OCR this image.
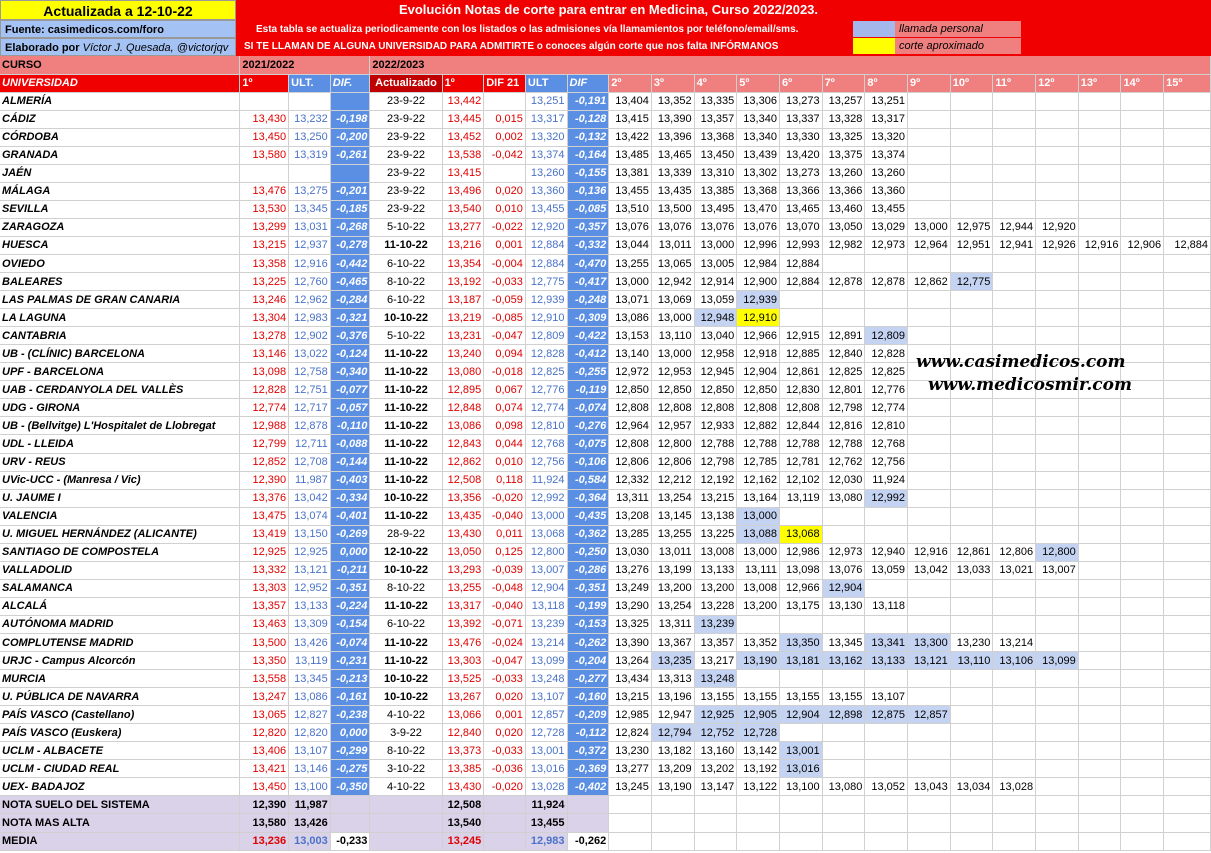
Actualizada a 12-10-22	Evolución Notas de corte para entrar en Medicina, Curso 2022/2023.
Fuente: casimedicos.com/foro
Elaborado por Víctor J. Quesada, @victorjqv
Esta tabla se actualiza periodicamente con los listados o las admisiones vía llamamientos por teléfono/email/sms.
SI TE LLAMAN DE ALGUNA UNIVERSIDAD PARA ADMITIRTE o conoces algún corte que nos falta INFÓRMANOS
llamada personal
corte aproximado
CURSO	2021/2022			2022/2023																		
UNIVERSIDAD	1º	ULT.	DIF.	Actualizado	1º	DIF 21	ULT	DIF	2º	3º	4º	5º	6º	7º	8º	9º	10º	11º	12º	13º	14º	15º
ALMERÍA				23-9-22	13,442		13,251	-0,191	13,404	13,352	13,335	13,306	13,273	13,257	13,251							
CÁDIZ	13,430	13,232	-0,198	23-9-22	13,445	0,015	13,317	-0,128	13,415	13,390	13,357	13,340	13,337	13,328	13,317							
CÓRDOBA	13,450	13,250	-0,200	23-9-22	13,452	0,002	13,320	-0,132	13,422	13,396	13,368	13,340	13,330	13,325	13,320							
GRANADA	13,580	13,319	-0,261	23-9-22	13,538	-0,042	13,374	-0,164	13,485	13,465	13,450	13,439	13,420	13,375	13,374							
JAÉN				23-9-22	13,415		13,260	-0,155	13,381	13,339	13,310	13,302	13,273	13,260	13,260							
MÁLAGA	13,476	13,275	-0,201	23-9-22	13,496	0,020	13,360	-0,136	13,455	13,435	13,385	13,368	13,366	13,366	13,360							
SEVILLA	13,530	13,345	-0,185	23-9-22	13,540	0,010	13,455	-0,085	13,510	13,500	13,495	13,470	13,465	13,460	13,455							
ZARAGOZA	13,299	13,031	-0,268	5-10-22	13,277	-0,022	12,920	-0,357	13,076	13,076	13,076	13,076	13,070	13,050	13,029	13,000	12,975	12,944	12,920			
HUESCA	13,215	12,937	-0,278	11-10-22	13,216	0,001	12,884	-0,332	13,044	13,011	13,000	12,996	12,993	12,982	12,973	12,964	12,951	12,941	12,926	12,916	12,906	12,884
OVIEDO	13,358	12,916	-0,442	6-10-22	13,354	-0,004	12,884	-0,470	13,255	13,065	13,005	12,984	12,884									
BALEARES	13,225	12,760	-0,465	8-10-22	13,192	-0,033	12,775	-0,417	13,000	12,942	12,914	12,900	12,884	12,878	12,878	12,862	12,775					
LAS PALMAS DE GRAN CANARIA	13,246	12,962	-0,284	6-10-22	13,187	-0,059	12,939	-0,248	13,071	13,069	13,059	12,939										
LA LAGUNA	13,304	12,983	-0,321	10-10-22	13,219	-0,085	12,910	-0,309	13,086	13,000	12,948	12,910										
CANTABRIA	13,278	12,902	-0,376	5-10-22	13,231	-0,047	12,809	-0,422	13,153	13,110	13,040	12,966	12,915	12,891	12,809							
UB - (CLÍNIC) BARCELONA	13,146	13,022	-0,124	11-10-22	13,240	0,094	12,828	-0,412	13,140	13,000	12,958	12,918	12,885	12,840	12,828							
UPF - BARCELONA	13,098	12,758	-0,340	11-10-22	13,080	-0,018	12,825	-0,255	12,972	12,953	12,945	12,904	12,861	12,825	12,825							
UAB - CERDANYOLA DEL VALLÈS	12,828	12,751	-0,077	11-10-22	12,895	0,067	12,776	-0,119	12,850	12,850	12,850	12,850	12,830	12,801	12,776							
UDG - GIRONA	12,774	12,717	-0,057	11-10-22	12,848	0,074	12,774	-0,074	12,808	12,808	12,808	12,808	12,808	12,798	12,774							
UB - (Bellvitge) L'Hospitalet de Llobregat	12,988	12,878	-0,110	11-10-22	13,086	0,098	12,810	-0,276	12,964	12,957	12,933	12,882	12,844	12,816	12,810							
UDL - LLEIDA	12,799	12,711	-0,088	11-10-22	12,843	0,044	12,768	-0,075	12,808	12,800	12,788	12,788	12,788	12,788	12,768							
URV - REUS	12,852	12,708	-0,144	11-10-22	12,862	0,010	12,756	-0,106	12,806	12,806	12,798	12,785	12,781	12,762	12,756							
UVic-UCC - (Manresa / Vic)	12,390	11,987	-0,403	11-10-22	12,508	0,118	11,924	-0,584	12,332	12,212	12,192	12,162	12,102	12,030	11,924							
U. JAUME I	13,376	13,042	-0,334	10-10-22	13,356	-0,020	12,992	-0,364	13,311	13,254	13,215	13,164	13,119	13,080	12,992							
VALENCIA	13,475	13,074	-0,401	11-10-22	13,435	-0,040	13,000	-0,435	13,208	13,145	13,138	13,000										
U. MIGUEL HERNÁNDEZ (ALICANTE)	13,419	13,150	-0,269	28-9-22	13,430	0,011	13,068	-0,362	13,285	13,255	13,225	13,088	13,068									
SANTIAGO DE COMPOSTELA	12,925	12,925	0,000	12-10-22	13,050	0,125	12,800	-0,250	13,030	13,011	13,008	13,000	12,986	12,973	12,940	12,916	12,861	12,806	12,800			
VALLADOLID	13,332	13,121	-0,211	10-10-22	13,293	-0,039	13,007	-0,286	13,276	13,199	13,133	13,111	13,098	13,076	13,059	13,042	13,033	13,021	13,007			
SALAMANCA	13,303	12,952	-0,351	8-10-22	13,255	-0,048	12,904	-0,351	13,249	13,200	13,200	13,008	12,966	12,904								
ALCALÁ	13,357	13,133	-0,224	11-10-22	13,317	-0,040	13,118	-0,199	13,290	13,254	13,228	13,200	13,175	13,130	13,118							
AUTÓNOMA MADRID	13,463	13,309	-0,154	6-10-22	13,392	-0,071	13,239	-0,153	13,325	13,311	13,239											
COMPLUTENSE MADRID	13,500	13,426	-0,074	11-10-22	13,476	-0,024	13,214	-0,262	13,390	13,367	13,357	13,352	13,350	13,345	13,341	13,300	13,230	13,214				
URJC - Campus Alcorcón	13,350	13,119	-0,231	11-10-22	13,303	-0,047	13,099	-0,204	13,264	13,235	13,217	13,190	13,181	13,162	13,133	13,121	13,110	13,106	13,099			
MURCIA	13,558	13,345	-0,213	10-10-22	13,525	-0,033	13,248	-0,277	13,434	13,313	13,248											
U. PÚBLICA DE NAVARRA	13,247	13,086	-0,161	10-10-22	13,267	0,020	13,107	-0,160	13,215	13,196	13,155	13,155	13,155	13,155	13,107							
PAÍS VASCO (Castellano)	13,065	12,827	-0,238	4-10-22	13,066	0,001	12,857	-0,209	12,985	12,947	12,925	12,905	12,904	12,898	12,875	12,857						
PAÍS VASCO (Euskera)	12,820	12,820	0,000	3-9-22	12,840	0,020	12,728	-0,112	12,824	12,794	12,752	12,728										
UCLM - ALBACETE	13,406	13,107	-0,299	8-10-22	13,373	-0,033	13,001	-0,372	13,230	13,182	13,160	13,142	13,001									
UCLM - CIUDAD REAL	13,421	13,146	-0,275	3-10-22	13,385	-0,036	13,016	-0,369	13,277	13,209	13,202	13,192	13,016									
UEX- BADAJOZ	13,450	13,100	-0,350	4-10-22	13,430	-0,020	13,028	-0,402	13,245	13,190	13,147	13,122	13,100	13,080	13,052	13,043	13,034	13,028				
NOTA SUELO DEL SISTEMA	12,390	11,987			12,508		11,924															
NOTA MAS ALTA	13,580	13,426			13,540		13,455															
MEDIA	13,236	13,003	-0,233		13,245		12,983	-0,262														
www.casimedicos.com
www.medicosmir.com
